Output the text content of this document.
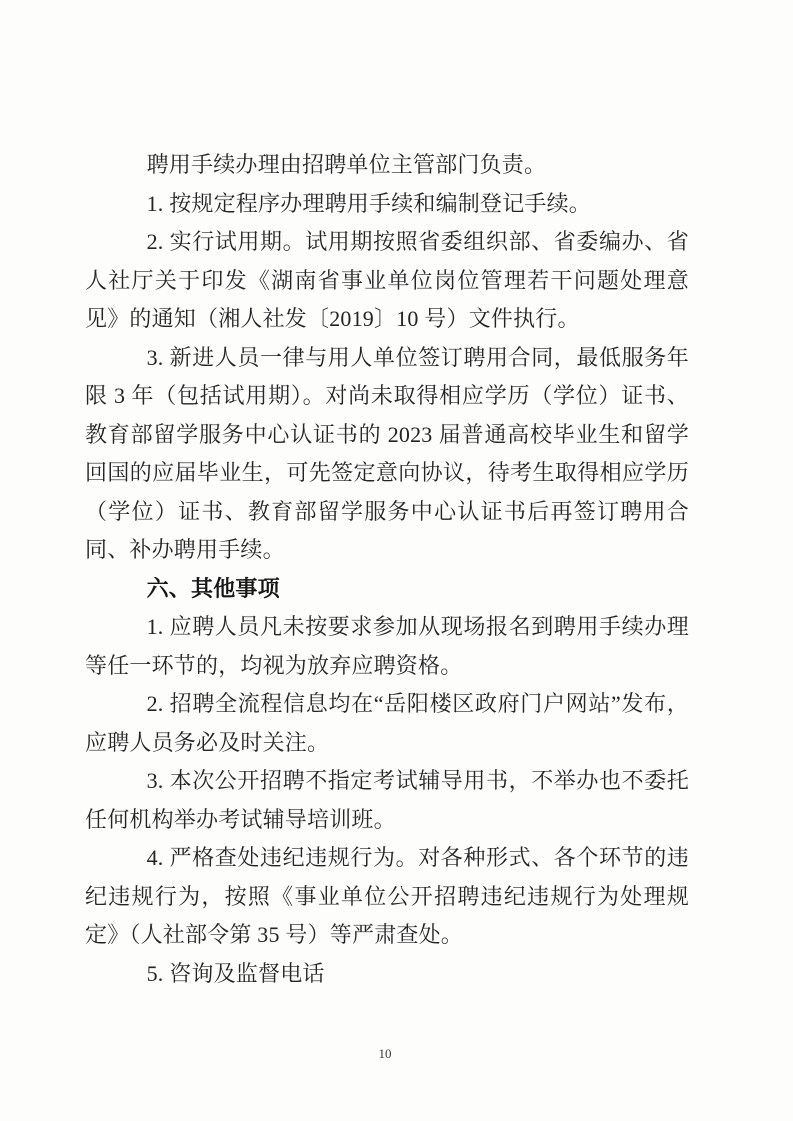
聘用手续办理由招聘单位主管部门负责。

1. 按规定程序办理聘用手续和编制登记手续。

2. 实行试用期。试用期按照省委组织部、省委编办、省人社厅关于印发《湖南省事业单位岗位管理若干问题处理意见》的通知（湘人社发〔2019〕10 号）文件执行。

3. 新进人员一律与用人单位签订聘用合同，最低服务年限 3 年（包括试用期）。对尚未取得相应学历（学位）证书、教育部留学服务中心认证书的 2023 届普通高校毕业生和留学回国的应届毕业生，可先签定意向协议，待考生取得相应学历（学位）证书、教育部留学服务中心认证书后再签订聘用合同、补办聘用手续。

六、其他事项

1. 应聘人员凡未按要求参加从现场报名到聘用手续办理等任一环节的，均视为放弃应聘资格。

2. 招聘全流程信息均在“岳阳楼区政府门户网站”发布，应聘人员务必及时关注。

3. 本次公开招聘不指定考试辅导用书，不举办也不委托任何机构举办考试辅导培训班。

4. 严格查处违纪违规行为。对各种形式、各个环节的违纪违规行为，按照《事业单位公开招聘违纪违规行为处理规定》（人社部令第 35 号）等严肃查处。

5. 咨询及监督电话

10
